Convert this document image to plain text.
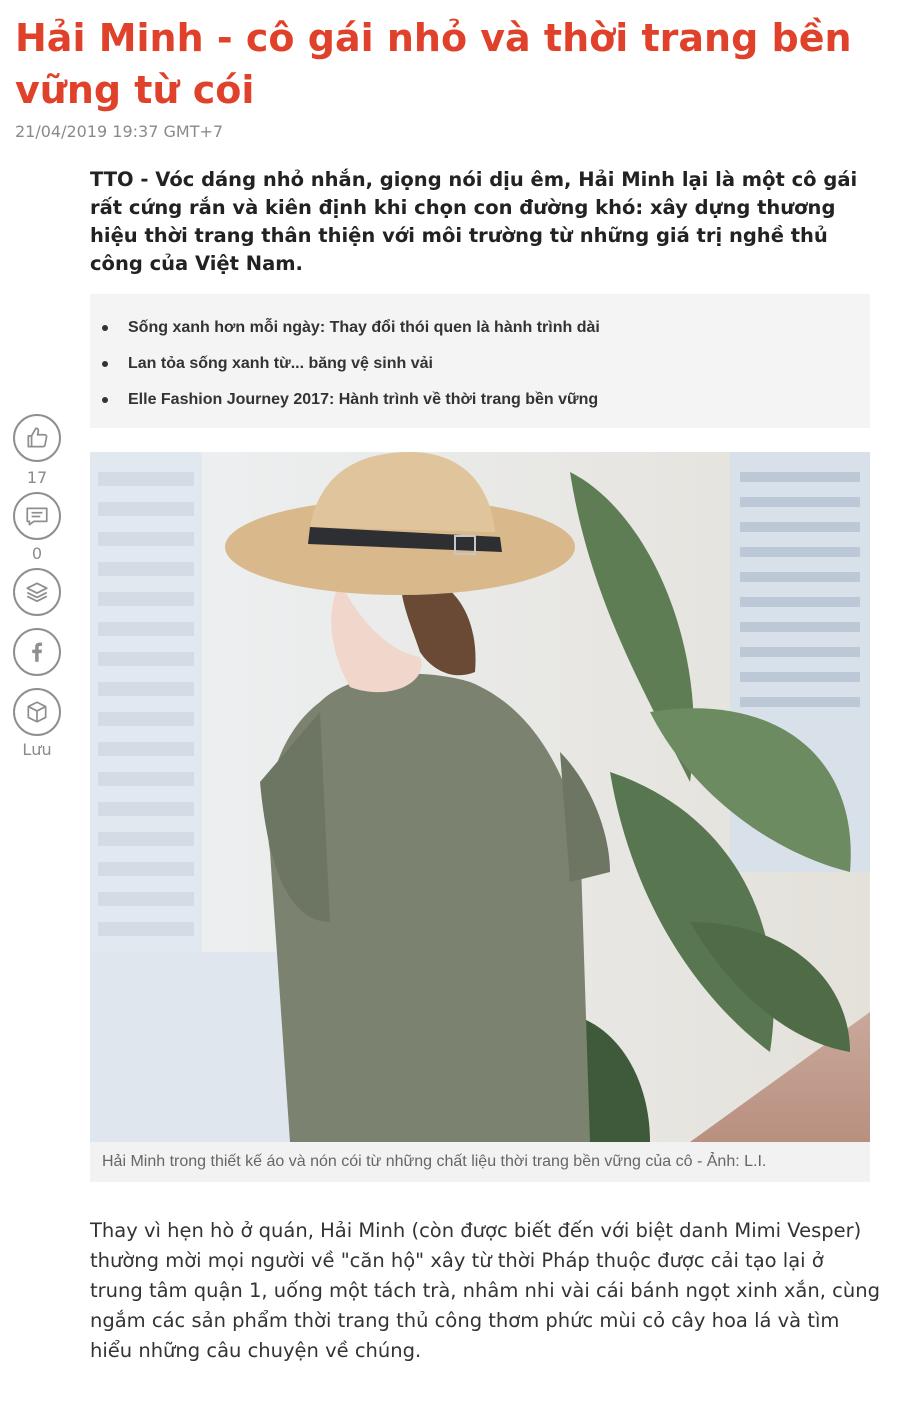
Hải Minh - cô gái nhỏ và thời trang bền vững từ cói
21/04/2019 19:37 GMT+7

TTO - Vóc dáng nhỏ nhắn, giọng nói dịu êm, Hải Minh lại là một cô gái rất cứng rắn và kiên định khi chọn con đường khó: xây dựng thương hiệu thời trang thân thiện với môi trường từ những giá trị nghề thủ công của Việt Nam.

Sống xanh hơn mỗi ngày: Thay đổi thói quen là hành trình dài
Lan tỏa sống xanh từ... băng vệ sinh vải
Elle Fashion Journey 2017: Hành trình về thời trang bền vững
17
0
Lưu
Hải Minh trong thiết kế áo và nón cói từ những chất liệu thời trang bền vững của cô - Ảnh: L.I.

Thay vì hẹn hò ở quán, Hải Minh (còn được biết đến với biệt danh Mimi Vesper) thường mời mọi người về "căn hộ" xây từ thời Pháp thuộc được cải tạo lại ở trung tâm quận 1, uống một tách trà, nhâm nhi vài cái bánh ngọt xinh xắn, cùng ngắm các sản phẩm thời trang thủ công thơm phức mùi cỏ cây hoa lá và tìm hiểu những câu chuyện về chúng.
